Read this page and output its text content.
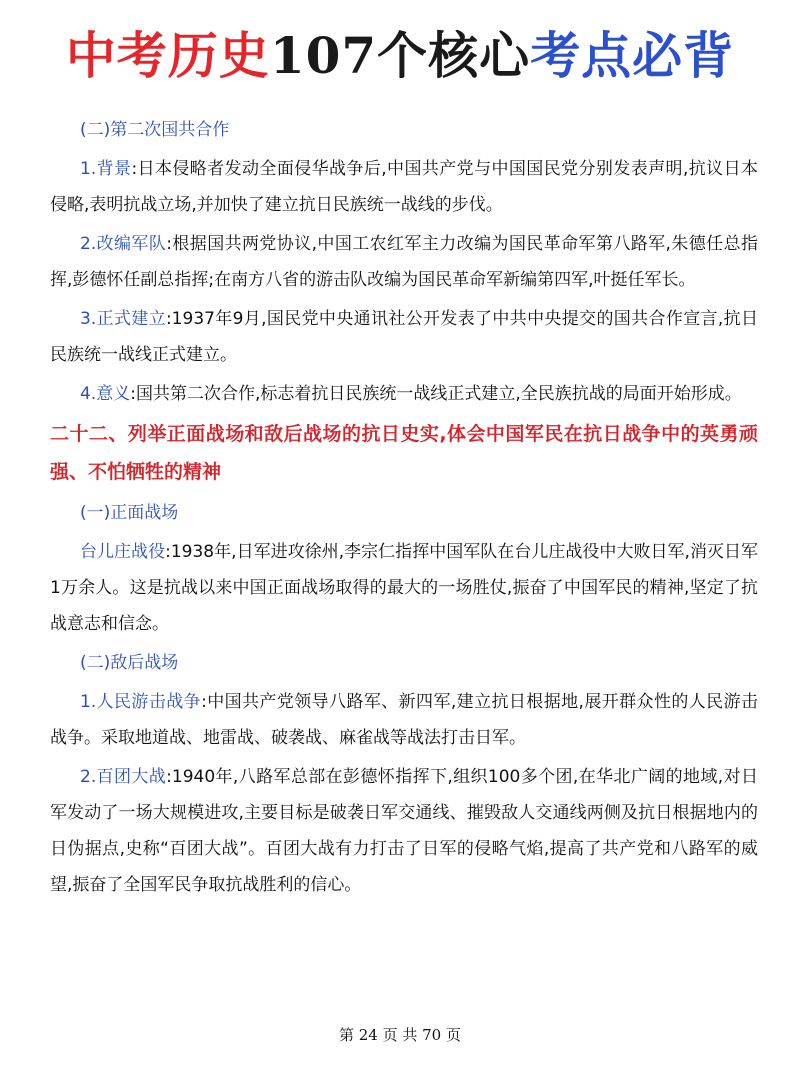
中考历史107个核心考点必背

(二)第二次国共合作

1.背景:日本侵略者发动全面侵华战争后,中国共产党与中国国民党分别发表声明,抗议日本侵略,表明抗战立场,并加快了建立抗日民族统一战线的步伐。

2.改编军队:根据国共两党协议,中国工农红军主力改编为国民革命军第八路军,朱德任总指挥,彭德怀任副总指挥;在南方八省的游击队改编为国民革命军新编第四军,叶挺任军长。

3.正式建立:1937年9月,国民党中央通讯社公开发表了中共中央提交的国共合作宣言,抗日民族统一战线正式建立。

4.意义:国共第二次合作,标志着抗日民族统一战线正式建立,全民族抗战的局面开始形成。

二十二、列举正面战场和敌后战场的抗日史实,体会中国军民在抗日战争中的英勇顽强、不怕牺牲的精神

(一)正面战场

台儿庄战役:1938年,日军进攻徐州,李宗仁指挥中国军队在台儿庄战役中大败日军,消灭日军1万余人。这是抗战以来中国正面战场取得的最大的一场胜仗,振奋了中国军民的精神,坚定了抗战意志和信念。

(二)敌后战场

1.人民游击战争:中国共产党领导八路军、新四军,建立抗日根据地,展开群众性的人民游击战争。采取地道战、地雷战、破袭战、麻雀战等战法打击日军。

2.百团大战:1940年,八路军总部在彭德怀指挥下,组织100多个团,在华北广阔的地域,对日军发动了一场大规模进攻,主要目标是破袭日军交通线、摧毁敌人交通线两侧及抗日根据地内的日伪据点,史称“百团大战”。百团大战有力打击了日军的侵略气焰,提高了共产党和八路军的威望,振奋了全国军民争取抗战胜利的信心。

第 24 页 共 70 页
